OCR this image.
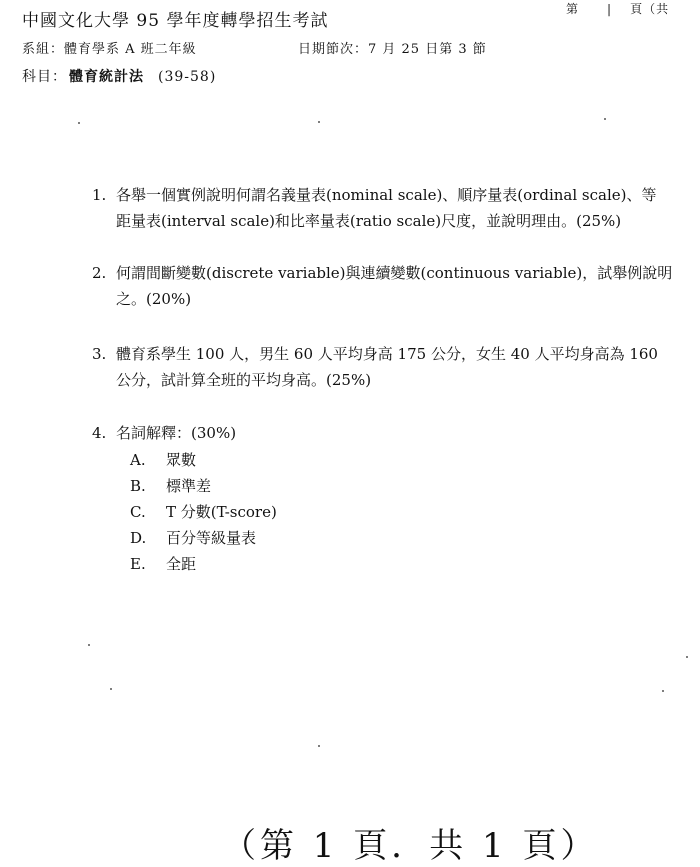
中國文化大學 95 學年度轉學招生考試
第 | 頁（共
系組：體育學系 A 班二年級	日期節次：7 月 25 日第 3 節
科目： 體育統計法 (39-58)
1. 各舉一個實例說明何謂名義量表(nominal scale)、順序量表(ordinal scale)、等
距量表(interval scale)和比率量表(ratio scale)尺度，並說明理由。(25%)
2. 何謂間斷變數(discrete variable)與連續變數(continuous variable)，試舉例說明
之。(20%)
3. 體育系學生 100 人，男生 60 人平均身高 175 公分，女生 40 人平均身高為 160
公分，試計算全班的平均身高。(25%)
4. 名詞解釋：(30%)
A. 眾數
B. 標準差
C. T 分數(T-score)
D. 百分等級量表
E. 全距
（第 1 頁．共 1 頁）
